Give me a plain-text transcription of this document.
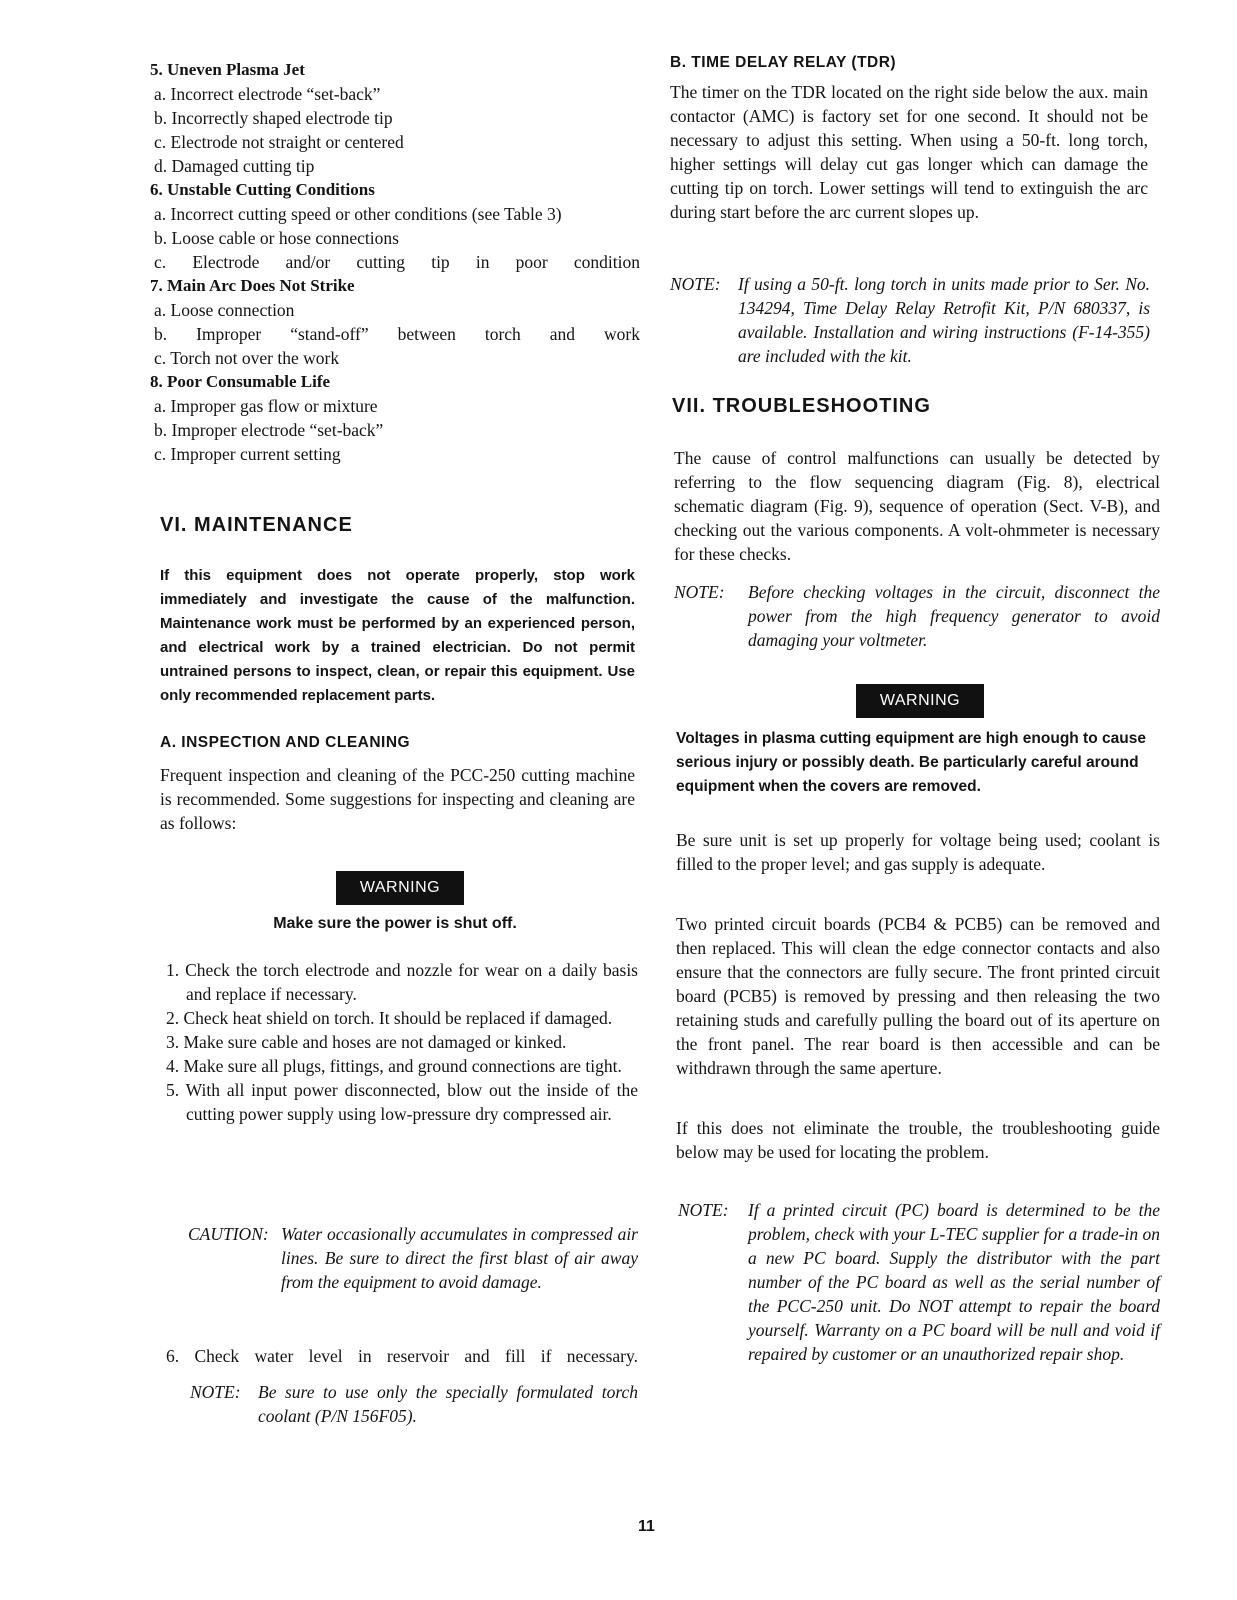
5. Uneven Plasma Jet
a. Incorrect electrode “set-back”
b. Incorrectly shaped electrode tip
c. Electrode not straight or centered
d. Damaged cutting tip
6. Unstable Cutting Conditions
a. Incorrect cutting speed or other conditions (see Table 3)
b. Loose cable or hose connections
c. Electrode and/or cutting tip in poor condition
7. Main Arc Does Not Strike
a. Loose connection
b. Improper “stand-off” between torch and work
c. Torch not over the work
8. Poor Consumable Life
a. Improper gas flow or mixture
b. Improper electrode “set-back”
c. Improper current setting
VI. MAINTENANCE
If this equipment does not operate properly, stop work immediately and investigate the cause of the malfunction. Maintenance work must be performed by an experienced person, and electrical work by a trained electrician. Do not permit untrained persons to inspect, clean, or repair this equipment. Use only recommended replacement parts.
A. INSPECTION AND CLEANING
Frequent inspection and cleaning of the PCC-250 cutting machine is recommended. Some suggestions for inspecting and cleaning are as follows:
WARNING
Make sure the power is shut off.
1. Check the torch electrode and nozzle for wear on a daily basis and replace if necessary.
2. Check heat shield on torch. It should be replaced if damaged.
3. Make sure cable and hoses are not damaged or kinked.
4. Make sure all plugs, fittings, and ground connections are tight.
5. With all input power disconnected, blow out the inside of the cutting power supply using low-pressure dry compressed air.
CAUTION: Water occasionally accumulates in compressed air lines. Be sure to direct the first blast of air away from the equipment to avoid damage.
6. Check water level in reservoir and fill if necessary.
NOTE: Be sure to use only the specially formulated torch coolant (P/N 156F05).
B. TIME DELAY RELAY (TDR)
The timer on the TDR located on the right side below the aux. main contactor (AMC) is factory set for one second. It should not be necessary to adjust this setting. When using a 50-ft. long torch, higher settings will delay cut gas longer which can damage the cutting tip on torch. Lower settings will tend to extinguish the arc during start before the arc current slopes up.
NOTE: If using a 50-ft. long torch in units made prior to Ser. No. 134294, Time Delay Relay Retrofit Kit, P/N 680337, is available. Installation and wiring instructions (F-14-355) are included with the kit.
VII. TROUBLESHOOTING
The cause of control malfunctions can usually be detected by referring to the flow sequencing diagram (Fig. 8), electrical schematic diagram (Fig. 9), sequence of operation (Sect. V-B), and checking out the various components. A volt-ohmmeter is necessary for these checks.
NOTE:	Before checking voltages in the circuit, disconnect the power from the high frequency generator to avoid damaging your voltmeter.
WARNING
Voltages in plasma cutting equipment are high enough to cause serious injury or possibly death. Be particularly careful around equipment when the covers are removed.
Be sure unit is set up properly for voltage being used; coolant is filled to the proper level; and gas supply is adequate.
Two printed circuit boards (PCB4 & PCB5) can be removed and then replaced. This will clean the edge connector contacts and also ensure that the connectors are fully secure. The front printed circuit board (PCB5) is removed by pressing and then releasing the two retaining studs and carefully pulling the board out of its aperture on the front panel. The rear board is then accessible and can be withdrawn through the same aperture.
If this does not eliminate the trouble, the troubleshooting guide below may be used for locating the problem.
NOTE:	If a printed circuit (PC) board is determined to be the problem, check with your L-TEC supplier for a trade-in on a new PC board. Supply the distributor with the part number of the PC board as well as the serial number of the PCC-250 unit. Do NOT attempt to repair the board yourself. Warranty on a PC board will be null and void if repaired by customer or an unauthorized repair shop.
11
